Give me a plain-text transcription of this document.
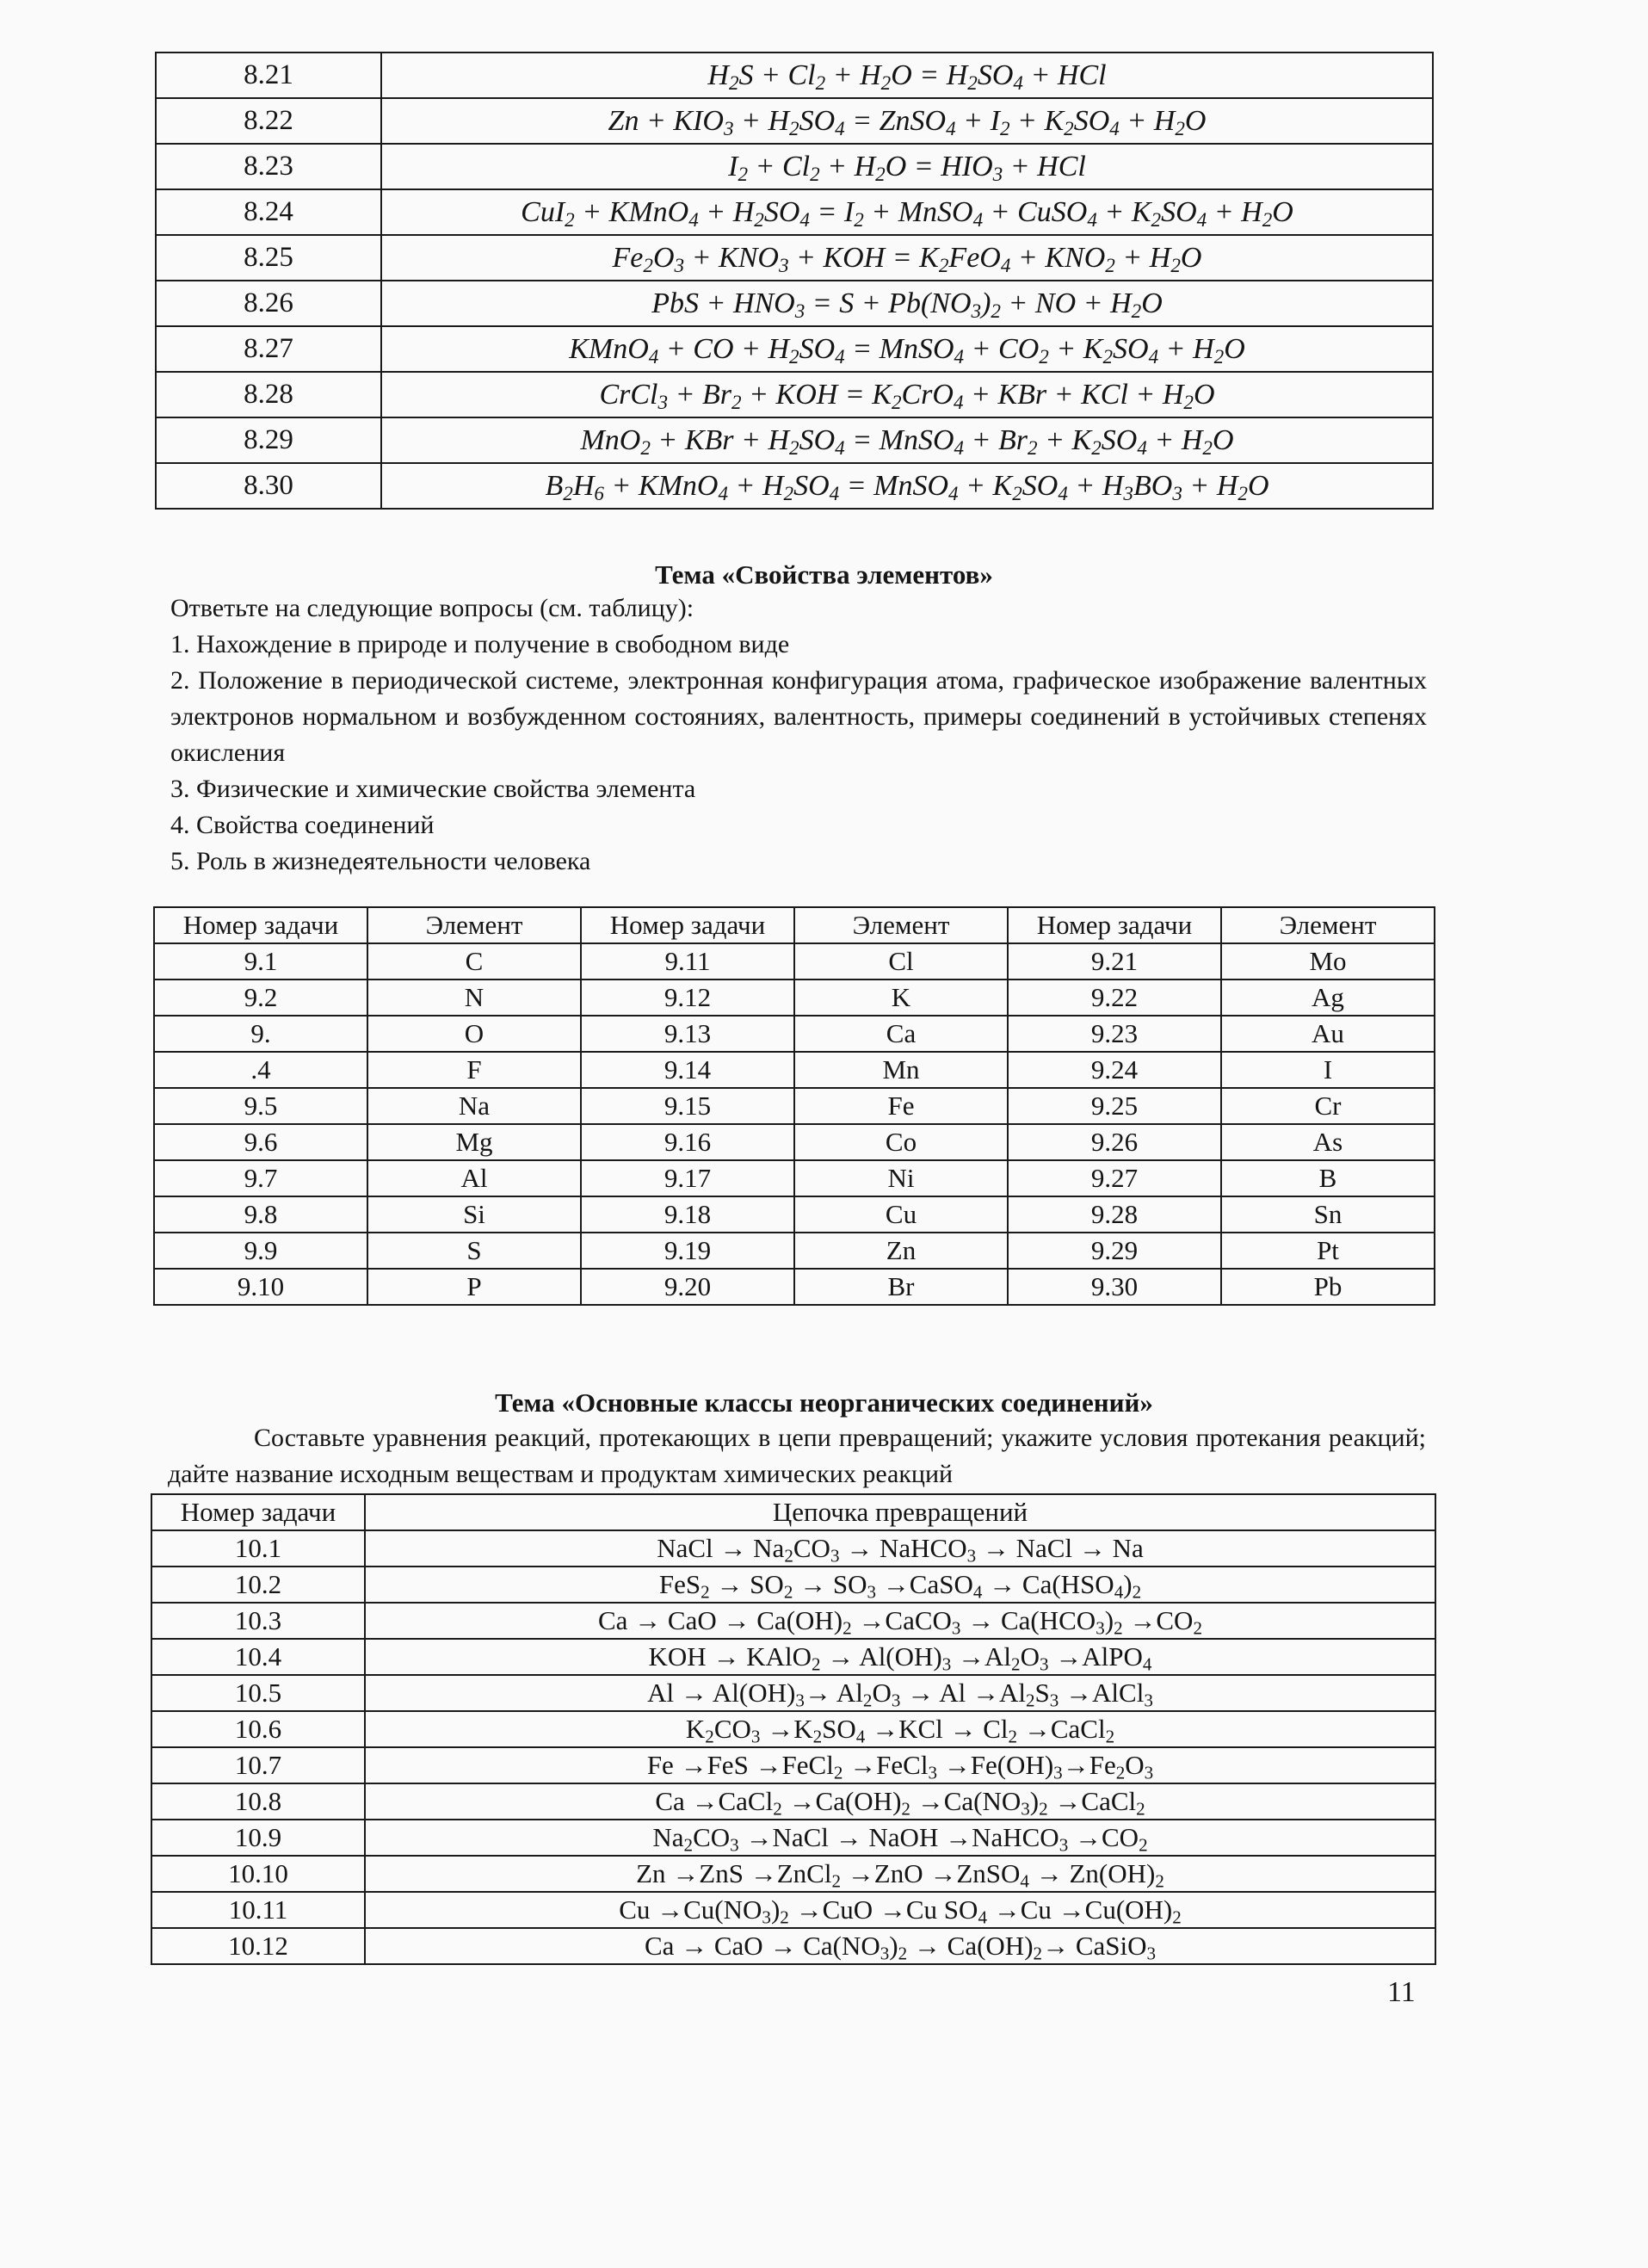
8.21	$H_2S + Cl_2 + H_2O = H_2SO_4$ + HCl
8.22	$Zn + KIO_3 + H_2SO_4$ = ZnSO$_4$ + $I_2 + K_2SO_4 + H_2O$
8.23	$I_2 + Cl_2 + H_2O = HIO_3$ + HCl
8.24	CuI$_2$ + KMnO$_4$ + $H_2SO_4 = I_2$ + MnSO$_4$ + CuSO$_4$ + $K_2SO_4 + H_2O$
8.25	$Fe_2O_3 + KNO_3$ + KOH = $K_2FeO_4 + KNO_2 + H_2O$
8.26	PbS + $HNO_3 = S + Pb(NO_3)_2$ + NO + $H_2O$
8.27	KMnO$_4$ + CO + $H_2SO_4$ = MnSO$_4$ + $CO_2 + K_2SO_4 + H_2O$
8.28	CrCl$_3$ + $Br_2$ + KOH = $K_2CrO_4$ + KBr + KCl + $H_2O$
8.29	MnO$_2$ + KBr + $H_2SO_4$ = MnSO$_4$ + $Br_2 + K_2SO_4 + H_2O$
8.30	$B_2H_6$ + KMnO$_4$ + $H_2SO_4$ = MnSO$_4$ + $K_2SO_4 + H_3BO_3 + H_2O$
Тема «Свойства элементов»

Ответьте на следующие вопросы (см. таблицу):

1. Нахождение в природе и получение в свободном виде

2. Положение в периодической системе, электронная конфигурация атома, графическое изображение валентных электронов нормальном и возбужденном состояниях, валентность, примеры соединений в устойчивых степенях окисления

3. Физические и химические свойства элемента

4. Свойства соединений

5. Роль в жизнедеятельности человека

Номер задачи	Элемент	Номер задачи	Элемент	Номер задачи	Элемент
9.1	C	9.11	Cl	9.21	Mo
9.2	N	9.12	K	9.22	Ag
9.	O	9.13	Ca	9.23	Au
.4	F	9.14	Mn	9.24	I
9.5	Na	9.15	Fe	9.25	Cr
9.6	Mg	9.16	Co	9.26	As
9.7	Al	9.17	Ni	9.27	B
9.8	Si	9.18	Cu	9.28	Sn
9.9	S	9.19	Zn	9.29	Pt
9.10	P	9.20	Br	9.30	Pb
Тема «Основные классы неорганических соединений»

Составьте уравнения реакций, протекающих в цепи превращений; укажите условия протекания реакций; дайте название исходным веществам и продуктам химических реакций

Номер задачи	Цепочка превращений
10.1	NaCl → $Na_2CO_3$ → NaHCO$_3$ → NaCl → Na
10.2	$FeS_2 \to SO_2 \to SO_3$ →CaSO$_4$ → $Ca(HSO_4)_2$
10.3	Ca → CaO → $Ca(OH)_2$ →CaCO$_3$ → $Ca(HCO_3)_2 \to CO_2$
10.4	KOH → KAlO$_2$ → $Al(OH)_3 \to Al_2O_3$ →AlPO$_4$
10.5	$Al \to Al(OH)_3\to Al_2O_3 \to Al \to Al_2S_3$ →AlCl$_3$
10.6	$K_2CO_3 \to K_2SO_4 \to KCl \to Cl_2$ →CaCl$_2$
10.7	Fe →FeS →FeCl$_2$ →FeCl$_3$ $\to Fe(OH)_3\to Fe_2O_3$
10.8	Ca →CaCl$_2$ $\to Ca(OH)_2 \to Ca(NO_3)_2$ →CaCl$_2$
10.9	$Na_2CO_3$ →NaCl → NaOH →NaHCO$_3$ $\to CO_2$
10.10	Zn →ZnS →ZnCl$_2$ →ZnO →ZnSO$_4$ → $Zn(OH)_2$
10.11	$Cu \to Cu(NO_3)_2 \to CuO \to Cu$ $SO_4 \to Cu \to Cu(OH)_2$
10.12	Ca → CaO → $Ca(NO_3)_2 \to Ca(OH)_2\to$ CaSiO$_3$
11
